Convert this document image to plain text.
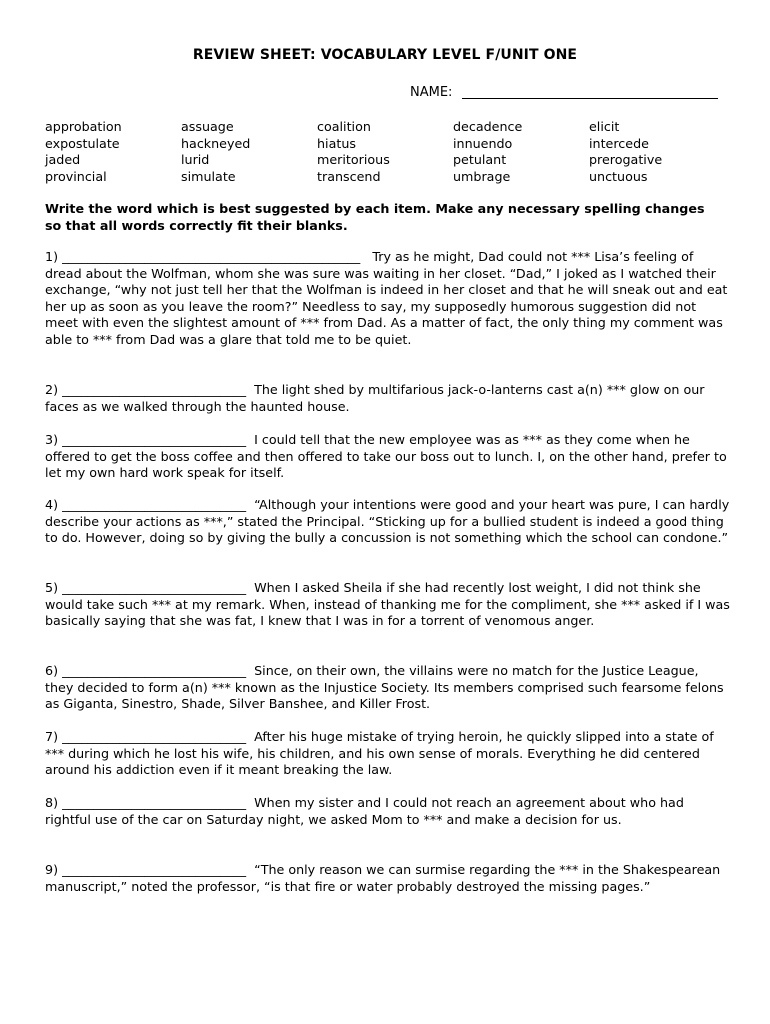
REVIEW SHEET: VOCABULARY LEVEL F/UNIT ONE
NAME:
approbation	assuage	coalition	decadence	elicit
expostulate	hackneyed	hiatus	innuendo	intercede
jaded	lurid	meritorious	petulant	prerogative
provincial	simulate	transcend	umbrage	unctuous
Write the word which is best suggested by each item. Make any necessary spelling changes so that all words correctly fit their blanks.
1) _______________________________________________ Try as he might, Dad could not *** Lisa’s feeling of dread about the Wolfman, whom she was sure was waiting in her closet. “Dad,” I joked as I watched their exchange, “why not just tell her that the Wolfman is indeed in her closet and that he will sneak out and eat her up as soon as you leave the room?” Needless to say, my supposedly humorous suggestion did not meet with even the slightest amount of *** from Dad. As a matter of fact, the only thing my comment was able to *** from Dad was a glare that told me to be quiet.
2) _____________________________ The light shed by multifarious jack-o-lanterns cast a(n) *** glow on our faces as we walked through the haunted house.
3) _____________________________ I could tell that the new employee was as *** as they come when he offered to get the boss coffee and then offered to take our boss out to lunch. I, on the other hand, prefer to let my own hard work speak for itself.
4) _____________________________ “Although your intentions were good and your heart was pure, I can hardly describe your actions as ***,” stated the Principal. “Sticking up for a bullied student is indeed a good thing to do. However, doing so by giving the bully a concussion is not something which the school can condone.”
5) _____________________________ When I asked Sheila if she had recently lost weight, I did not think she would take such *** at my remark. When, instead of thanking me for the compliment, she *** asked if I was basically saying that she was fat, I knew that I was in for a torrent of venomous anger.
6) _____________________________ Since, on their own, the villains were no match for the Justice League, they decided to form a(n) *** known as the Injustice Society. Its members comprised such fearsome felons as Giganta, Sinestro, Shade, Silver Banshee, and Killer Frost.
7) _____________________________ After his huge mistake of trying heroin, he quickly slipped into a state of *** during which he lost his wife, his children, and his own sense of morals. Everything he did centered around his addiction even if it meant breaking the law.
8) _____________________________ When my sister and I could not reach an agreement about who had rightful use of the car on Saturday night, we asked Mom to *** and make a decision for us.
9) _____________________________ “The only reason we can surmise regarding the *** in the Shakespearean manuscript,” noted the professor, “is that fire or water probably destroyed the missing pages.”
